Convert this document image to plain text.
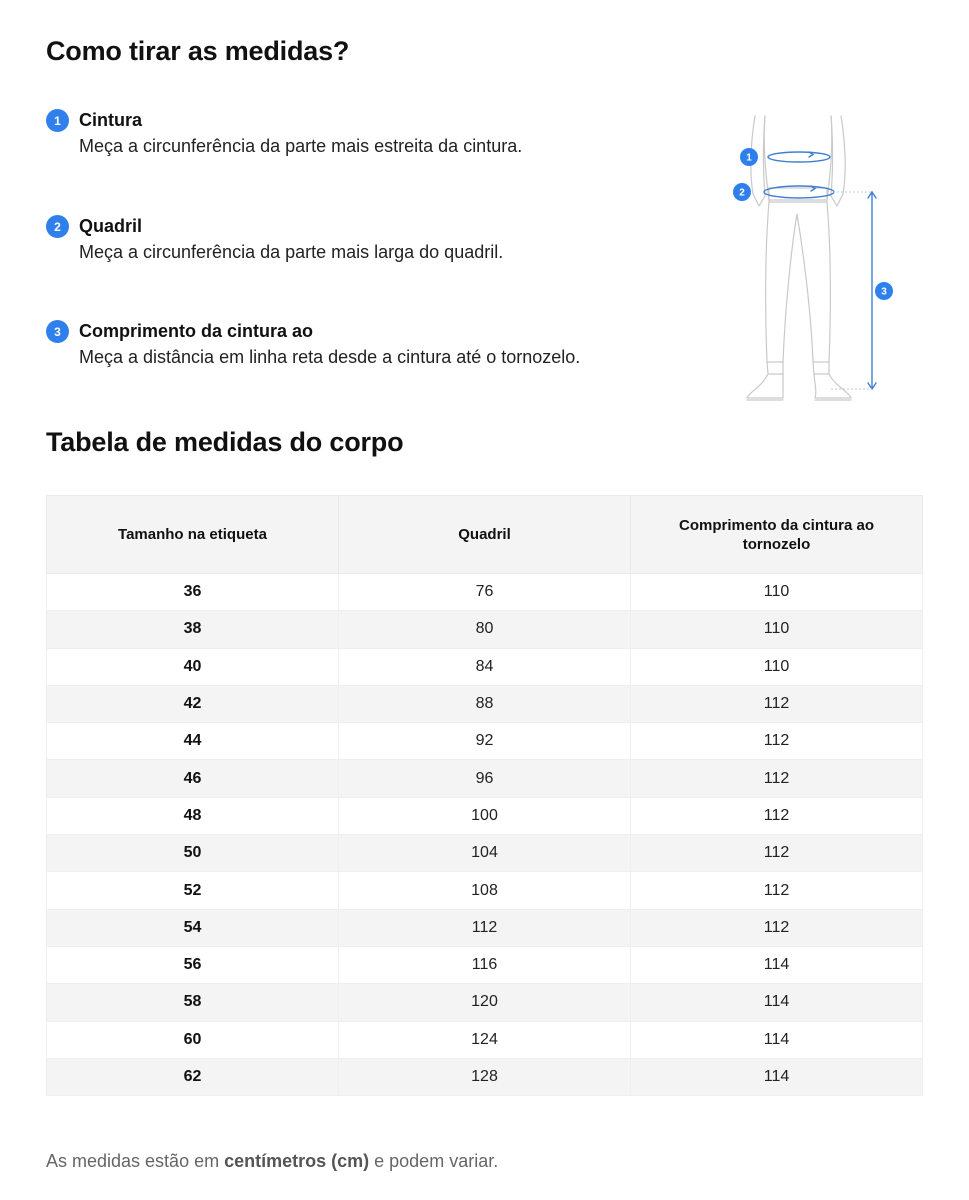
Como tirar as medidas?
1	Cintura
Meça a circunferência da parte mais estreita da cintura.
2	Quadril
Meça a circunferência da parte mais larga do quadril.
3	Comprimento da cintura ao
Meça a distância em linha reta desde a cintura até o tornozelo.
1
2
3
Tabela de medidas do corpo
Tamanho na etiqueta	Quadril	Comprimento da cintura ao tornozelo
36	76	110
38	80	110
40	84	110
42	88	112
44	92	112
46	96	112
48	100	112
50	104	112
52	108	112
54	112	112
56	116	114
58	120	114
60	124	114
62	128	114

As medidas estão em centímetros (cm) e podem variar.
